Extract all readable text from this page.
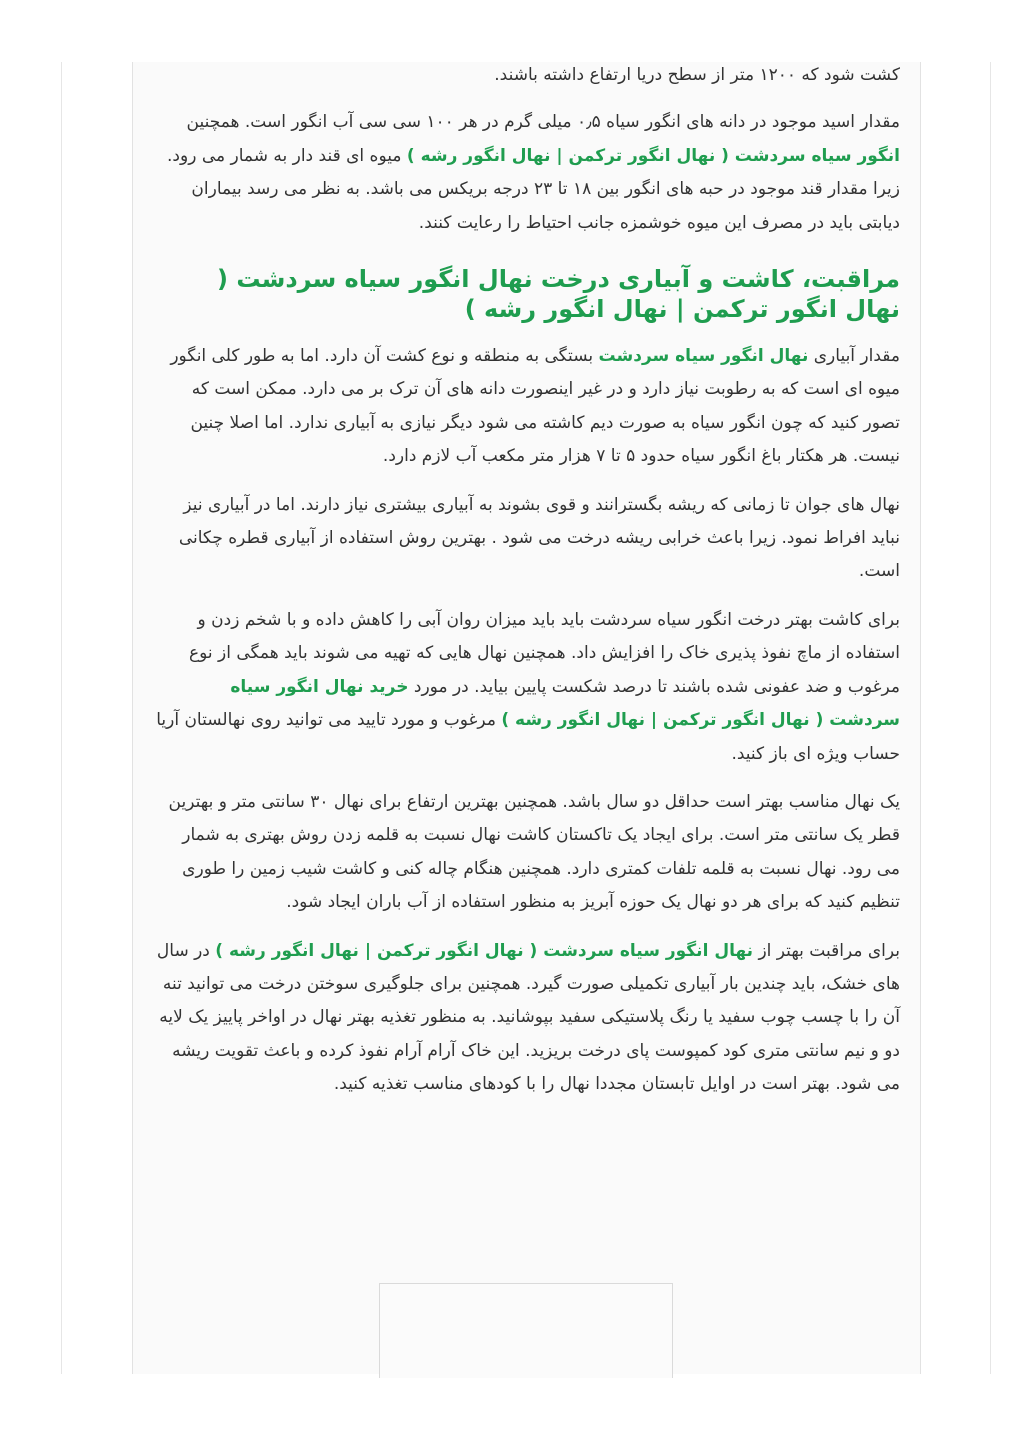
کشت شود که ۱۲۰۰ متر از سطح دریا ارتفاع داشته باشند.

مقدار اسید موجود در دانه های انگور سیاه ۰٫۵ میلی گرم در هر ۱۰۰ سی سی آب انگور است. همچنین انگور سیاه سردشت ( نهال انگور ترکمن | نهال انگور رشه ) میوه ای قند دار به شمار می رود. زیرا مقدار قند موجود در حبه های انگور بین ۱۸ تا ۲۳ درجه بریکس می باشد. به نظر می رسد بیماران دیابتی باید در مصرف این میوه خوشمزه جانب احتیاط را رعایت کنند.

مراقبت، کاشت و آبیاری درخت نهال انگور سیاه سردشت ( نهال انگور ترکمن | نهال انگور رشه )

مقدار آبیاری نهال انگور سیاه سردشت بستگی به منطقه و نوع کشت آن دارد. اما به طور کلی انگور میوه ای است که به رطوبت نیاز دارد و در غیر اینصورت دانه های آن ترک بر می دارد. ممکن است که تصور کنید که چون انگور سیاه به صورت دیم کاشته می شود دیگر نیازی به آبیاری ندارد. اما اصلا چنین نیست. هر هکتار باغ انگور سیاه حدود ۵ تا ۷ هزار متر مکعب آب لازم دارد.

نهال های جوان تا زمانی که ریشه بگسترانند و قوی بشوند به آبیاری بیشتری نیاز دارند. اما در آبیاری نیز نباید افراط نمود. زیرا باعث خرابی ریشه درخت می شود . بهترین روش استفاده از آبیاری قطره چکانی است.

برای کاشت بهتر درخت انگور سیاه سردشت باید باید میزان روان آبی را کاهش داده و با شخم زدن و استفاده از ماچ نفوذ پذیری خاک را افزایش داد. همچنین نهال هایی که تهیه می شوند باید همگی از نوع مرغوب و ضد عفونی شده باشند تا درصد شکست پایین بیاید. در مورد خرید نهال انگور سیاه سردشت ( نهال انگور ترکمن | نهال انگور رشه ) مرغوب و مورد تایید می توانید روی نهالستان آریا حساب ویژه ای باز کنید.

یک نهال مناسب بهتر است حداقل دو سال باشد. همچنین بهترین ارتفاع برای نهال ۳۰ سانتی متر و بهترین قطر یک سانتی متر است. برای ایجاد یک تاکستان کاشت نهال نسبت به قلمه زدن روش بهتری به شمار می رود. نهال نسبت به قلمه تلفات کمتری دارد. همچنین هنگام چاله کنی و کاشت شیب زمین را طوری تنظیم کنید که برای هر دو نهال یک حوزه آبریز به منظور استفاده از آب باران ایجاد شود.

برای مراقبت بهتر از نهال انگور سیاه سردشت ( نهال انگور ترکمن | نهال انگور رشه ) در سال های خشک، باید چندین بار آبیاری تکمیلی صورت گیرد. همچنین برای جلوگیری سوختن درخت می توانید تنه آن را با چسب چوب سفید یا رنگ پلاستیکی سفید بپوشانید. به منظور تغذیه بهتر نهال در اواخر پاییز یک لایه دو و نیم سانتی متری کود کمپوست پای درخت بریزید. این خاک آرام آرام نفوذ کرده و باعث تقویت ریشه می شود. بهتر است در اوایل تابستان مجددا نهال را با کودهای مناسب تغذیه کنید.
